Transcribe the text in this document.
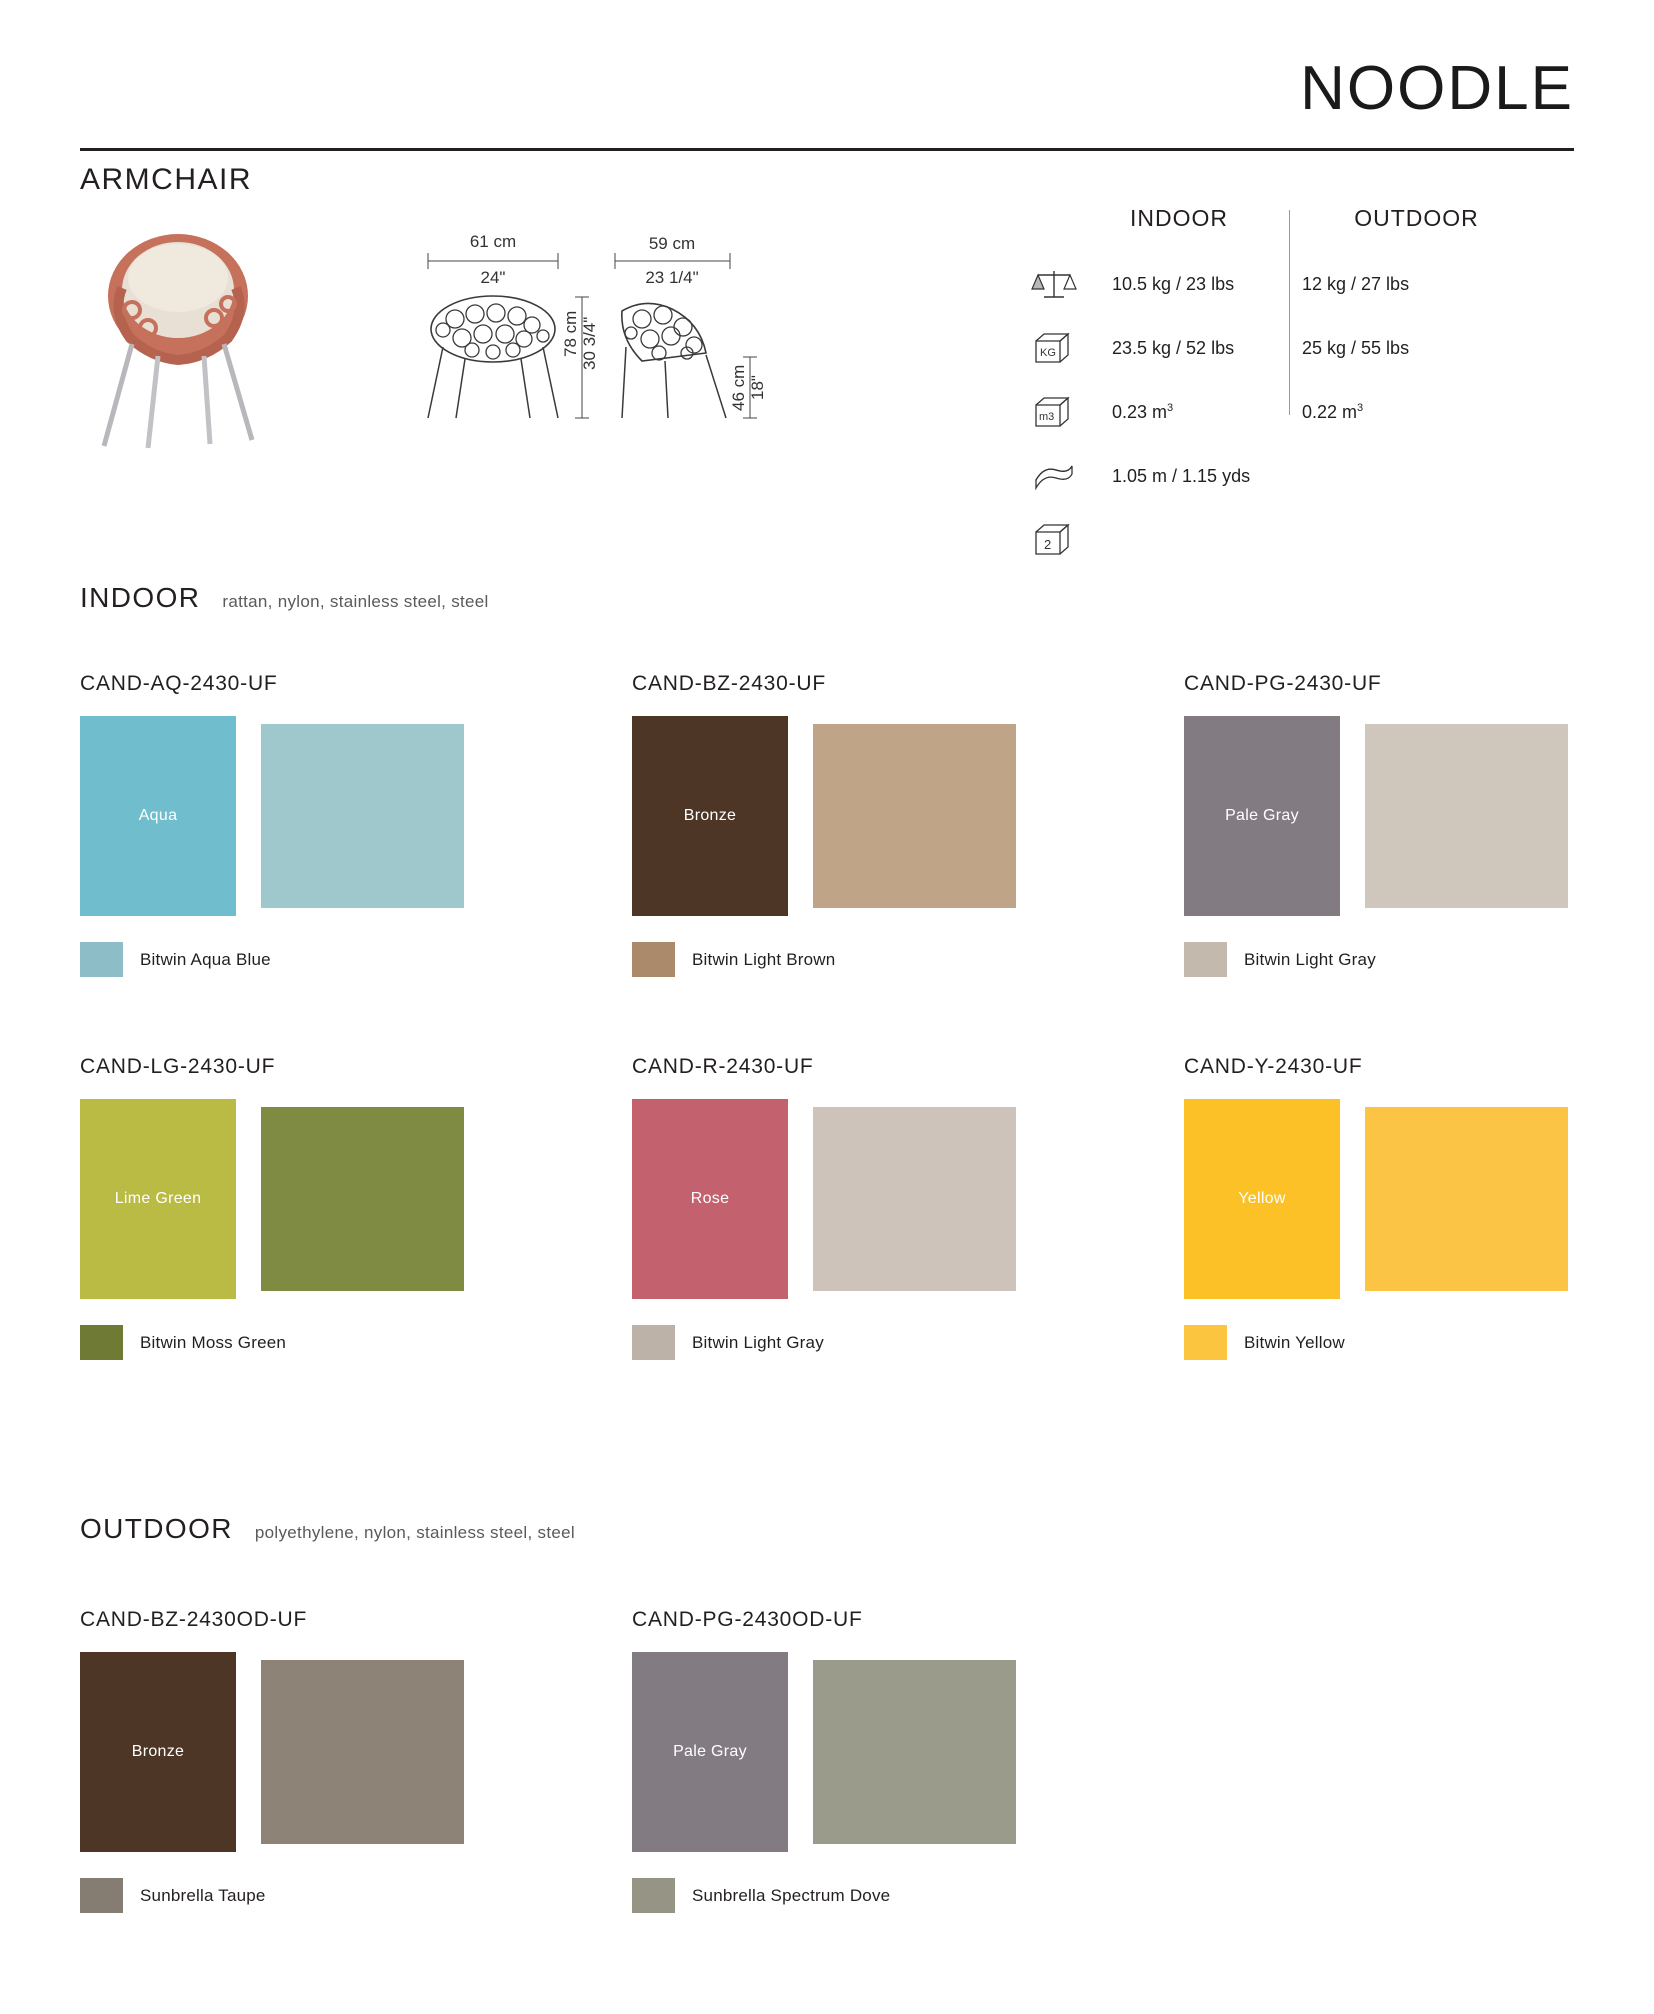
NOODLE
ARMCHAIR
61 cm
24"
78 cm 30 3/4"
59 cm
23 1/4"
46 cm 18"
INDOOR	OUTDOOR
10.5 kg / 23 lbs	12 kg / 27 lbs
KG	23.5 kg / 52 lbs	25 kg / 55 lbs
m3	0.23 $m^3$	0.22 $m^3$
1.05 m / 1.15 yds
2
INDOOR rattan, nylon, stainless steel, steel
CAND-AQ-2430-UF
Aqua
Bitwin Aqua Blue
CAND-BZ-2430-UF
Bronze
Bitwin Light Brown
CAND-PG-2430-UF
Pale Gray
Bitwin Light Gray
CAND-LG-2430-UF
Lime Green
Bitwin Moss Green
CAND-R-2430-UF
Rose
Bitwin Light Gray
CAND-Y-2430-UF
Yellow
Bitwin Yellow
OUTDOOR polyethylene, nylon, stainless steel, steel
CAND-BZ-2430OD-UF
Bronze
Sunbrella Taupe
CAND-PG-2430OD-UF
Pale Gray
Sunbrella Spectrum Dove
